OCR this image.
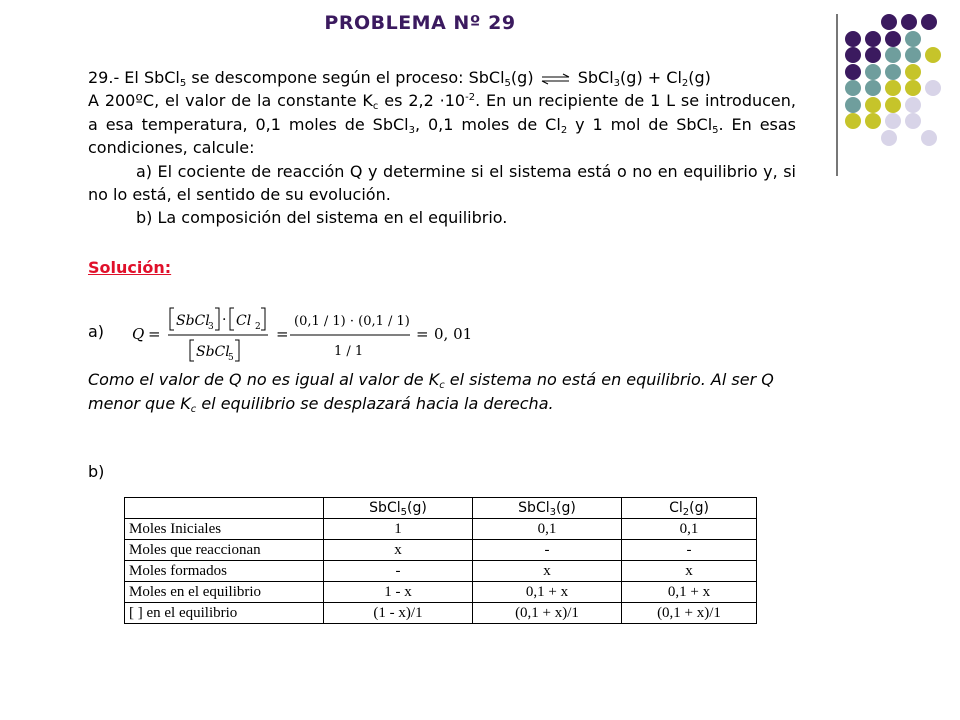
PROBLEMA Nº 29

29.- El SbCl$_5$ se descompone según el proceso: SbCl$_5$(g) ⇌ SbCl$_3$(g) + $Cl_2(g)$

A 200ºC, el valor de la constante $K_c$ es $2,2 \cdot 10^{-2}$. En un recipiente de 1 L se introducen, a esa temperatura, 0,1 moles de SbCl$_3$, 0,1 moles de $Cl_2$ y 1 mol de SbCl$_5$. En esas condiciones, calcule:

a) El cociente de reacción Q y determine si el sistema está o no en equilibrio y, si no lo está, el sentido de su evolución.

b) La composición del sistema en el equilibrio.

Solución:
a) Q =
SbCl
3 · Cl 2
SbCl
5
=
(0,1 / 1) · (0,1 / 1)
1 / 1
= 0, 01
Como el valor de Q no es igual al valor de $K_c$ el sistema no está en equilibrio. Al ser Q menor que $K_c$ el equilibrio se desplazará hacia la derecha.
b)
	SbCl$_5$(g)	SbCl$_3$(g)	$Cl_2(g)$
Moles Iniciales	1	0,1	0,1
Moles que reaccionan	x	-	-
Moles formados	-	x	x
Moles en el equilibrio	1 - x	0,1 + x	0,1 + x
[ ] en el equilibrio	(1 - x)/1	(0,1 + x)/1	(0,1 + x)/1
